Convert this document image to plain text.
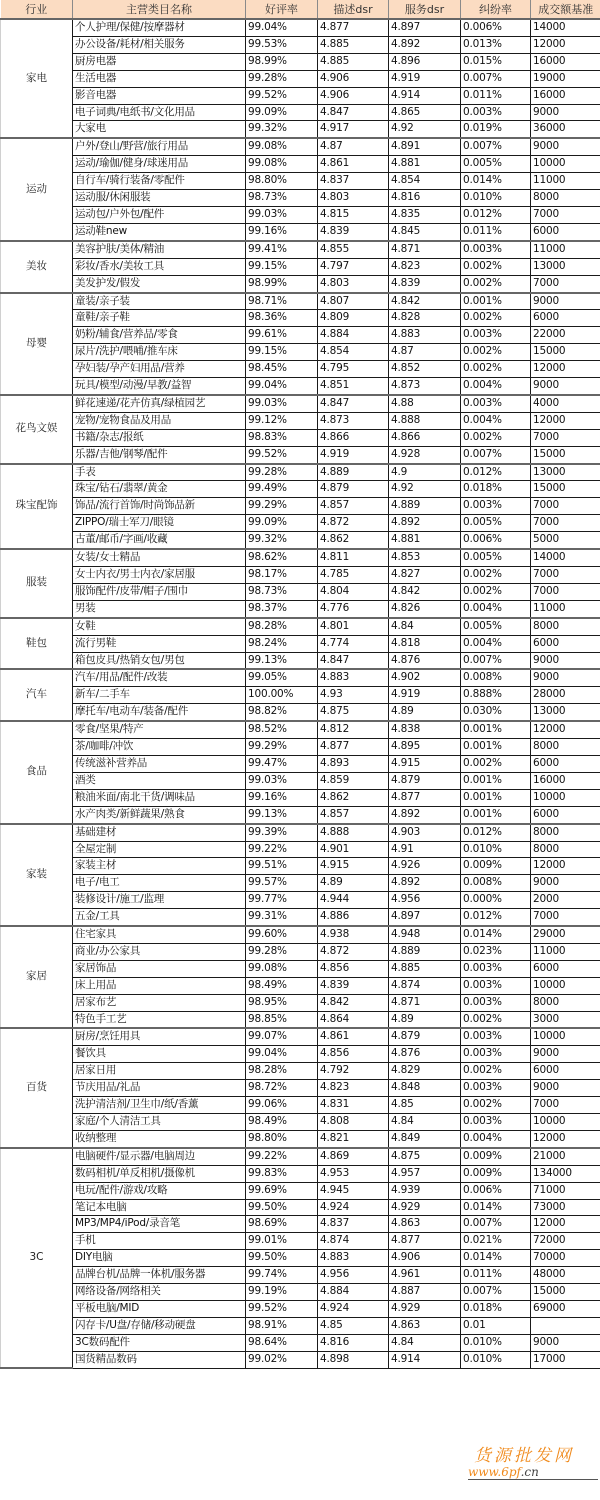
行业	主营类目名称	好评率	描述dsr	服务dsr	纠纷率	成交额基准
家电	个人护理/保健/按摩器材	99.04%	4.877	4.897	0.006%	14000
	办公设备/耗材/相关服务	99.53%	4.885	4.892	0.013%	12000
	厨房电器	98.99%	4.885	4.896	0.015%	16000
	生活电器	99.28%	4.906	4.919	0.007%	19000
	影音电器	99.52%	4.906	4.914	0.011%	16000
	电子词典/电纸书/文化用品	99.09%	4.847	4.865	0.003%	9000
	大家电	99.32%	4.917	4.92	0.019%	36000
运动	户外/登山/野营/旅行用品	99.08%	4.87	4.891	0.007%	9000
	运动/瑜伽/健身/球迷用品	99.08%	4.861	4.881	0.005%	10000
	自行车/骑行装备/零配件	98.80%	4.837	4.854	0.014%	11000
	运动服/休闲服装	98.73%	4.803	4.816	0.010%	8000
	运动包/户外包/配件	99.03%	4.815	4.835	0.012%	7000
	运动鞋new	99.16%	4.839	4.845	0.011%	6000
美妆	美容护肤/美体/精油	99.41%	4.855	4.871	0.003%	11000
	彩妆/香水/美妆工具	99.15%	4.797	4.823	0.002%	13000
	美发护发/假发	98.99%	4.803	4.839	0.002%	7000
母婴	童装/亲子装	98.71%	4.807	4.842	0.001%	9000
	童鞋/亲子鞋	98.36%	4.809	4.828	0.002%	6000
	奶粉/辅食/营养品/零食	99.61%	4.884	4.883	0.003%	22000
	尿片/洗护/喂哺/推车床	99.15%	4.854	4.87	0.002%	15000
	孕妇装/孕产妇用品/营养	98.45%	4.795	4.852	0.002%	12000
	玩具/模型/动漫/早教/益智	99.04%	4.851	4.873	0.004%	9000
花鸟文娱	鲜花速递/花卉仿真/绿植园艺	99.03%	4.847	4.88	0.003%	4000
	宠物/宠物食品及用品	99.12%	4.873	4.888	0.004%	12000
	书籍/杂志/报纸	98.83%	4.866	4.866	0.002%	7000
	乐器/吉他/钢琴/配件	99.52%	4.919	4.928	0.007%	15000
珠宝配饰	手表	99.28%	4.889	4.9	0.012%	13000
	珠宝/钻石/翡翠/黄金	99.49%	4.879	4.92	0.018%	15000
	饰品/流行首饰/时尚饰品新	99.29%	4.857	4.889	0.003%	7000
	ZIPPO/瑞士军刀/眼镜	99.09%	4.872	4.892	0.005%	7000
	古董/邮币/字画/收藏	99.32%	4.862	4.881	0.006%	5000
服装	女装/女士精品	98.62%	4.811	4.853	0.005%	14000
	女士内衣/男士内衣/家居服	98.17%	4.785	4.827	0.002%	7000
	服饰配件/皮带/帽子/围巾	98.73%	4.804	4.842	0.002%	7000
	男装	98.37%	4.776	4.826	0.004%	11000
鞋包	女鞋	98.28%	4.801	4.84	0.005%	8000
	流行男鞋	98.24%	4.774	4.818	0.004%	6000
	箱包皮具/热销女包/男包	99.13%	4.847	4.876	0.007%	9000
汽车	汽车/用品/配件/改装	99.05%	4.883	4.902	0.008%	9000
	新车/二手车	100.00%	4.93	4.919	0.888%	28000
	摩托车/电动车/装备/配件	98.82%	4.875	4.89	0.030%	13000
食品	零食/坚果/特产	98.52%	4.812	4.838	0.001%	12000
	茶/咖啡/冲饮	99.29%	4.877	4.895	0.001%	8000
	传统滋补营养品	99.47%	4.893	4.915	0.002%	6000
	酒类	99.03%	4.859	4.879	0.001%	16000
	粮油米面/南北干货/调味品	99.16%	4.862	4.877	0.001%	10000
	水产肉类/新鲜蔬果/熟食	99.13%	4.857	4.892	0.001%	6000
家装	基础建材	99.39%	4.888	4.903	0.012%	8000
	全屋定制	99.22%	4.901	4.91	0.010%	8000
	家装主材	99.51%	4.915	4.926	0.009%	12000
	电子/电工	99.57%	4.89	4.892	0.008%	9000
	装修设计/施工/监理	99.77%	4.944	4.956	0.000%	2000
	五金/工具	99.31%	4.886	4.897	0.012%	7000
家居	住宅家具	99.60%	4.938	4.948	0.014%	29000
	商业/办公家具	99.28%	4.872	4.889	0.023%	11000
	家居饰品	99.08%	4.856	4.885	0.003%	6000
	床上用品	98.49%	4.839	4.874	0.003%	10000
	居家布艺	98.95%	4.842	4.871	0.003%	8000
	特色手工艺	98.85%	4.864	4.89	0.002%	3000
百货	厨房/烹饪用具	99.07%	4.861	4.879	0.003%	10000
	餐饮具	99.04%	4.856	4.876	0.003%	9000
	居家日用	98.28%	4.792	4.829	0.002%	6000
	节庆用品/礼品	98.72%	4.823	4.848	0.003%	9000
	洗护清洁剂/卫生巾/纸/香薰	99.06%	4.831	4.85	0.002%	7000
	家庭/个人清洁工具	98.49%	4.808	4.84	0.003%	10000
	收纳整理	98.80%	4.821	4.849	0.004%	12000
3C	电脑硬件/显示器/电脑周边	99.22%	4.869	4.875	0.009%	21000
	数码相机/单反相机/摄像机	99.83%	4.953	4.957	0.009%	134000
	电玩/配件/游戏/攻略	99.69%	4.945	4.939	0.006%	71000
	笔记本电脑	99.50%	4.924	4.929	0.014%	73000
	MP3/MP4/iPod/录音笔	98.69%	4.837	4.863	0.007%	12000
	手机	99.01%	4.874	4.877	0.021%	72000
	DIY电脑	99.50%	4.883	4.906	0.014%	70000
	品牌台机/品牌一体机/服务器	99.74%	4.956	4.961	0.011%	48000
	网络设备/网络相关	99.19%	4.884	4.887	0.007%	15000
	平板电脑/MID	99.52%	4.924	4.929	0.018%	69000
	闪存卡/U盘/存储/移动硬盘	98.91%	4.85	4.863	0.01	
	3C数码配件	98.64%	4.816	4.84	0.010%	9000
	国货精品数码	99.02%	4.898	4.914	0.010%	17000
货源批发网
www.6pf.cn
